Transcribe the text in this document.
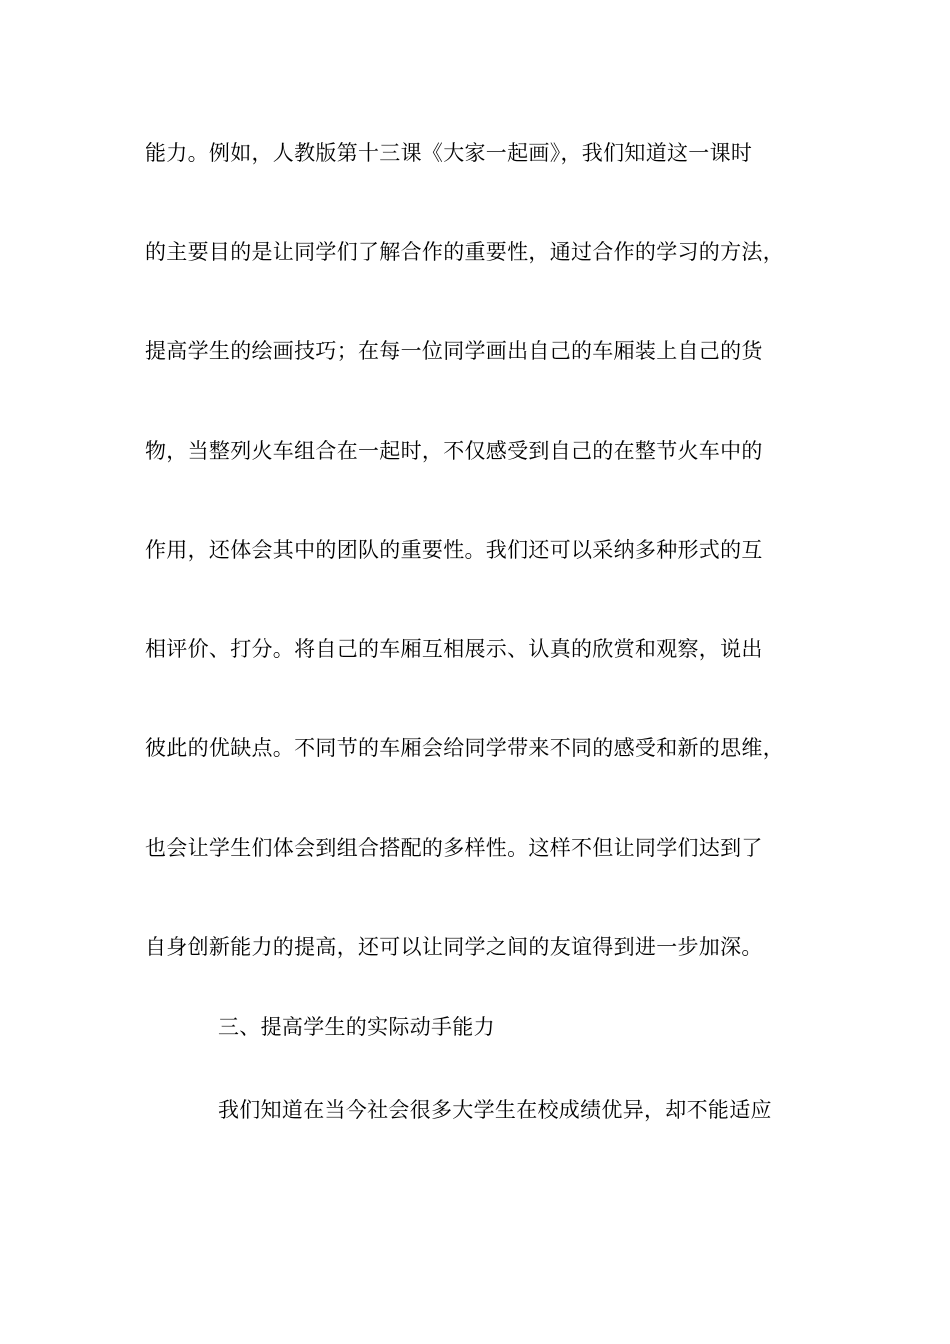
能力。例如，人教版第十三课《大家一起画》，我们知道这一课时
的主要目的是让同学们了解合作的重要性，通过合作的学习的方法，
提高学生的绘画技巧；在每一位同学画出自己的车厢装上自己的货
物，当整列火车组合在一起时，不仅感受到自己的在整节火车中的
作用，还体会其中的团队的重要性。我们还可以采纳多种形式的互
相评价、打分。将自己的车厢互相展示、认真的欣赏和观察，说出
彼此的优缺点。不同节的车厢会给同学带来不同的感受和新的思维，
也会让学生们体会到组合搭配的多样性。这样不但让同学们达到了
自身创新能力的提高，还可以让同学之间的友谊得到进一步加深。
三、提高学生的实际动手能力
我们知道在当今社会很多大学生在校成绩优异，却不能适应
